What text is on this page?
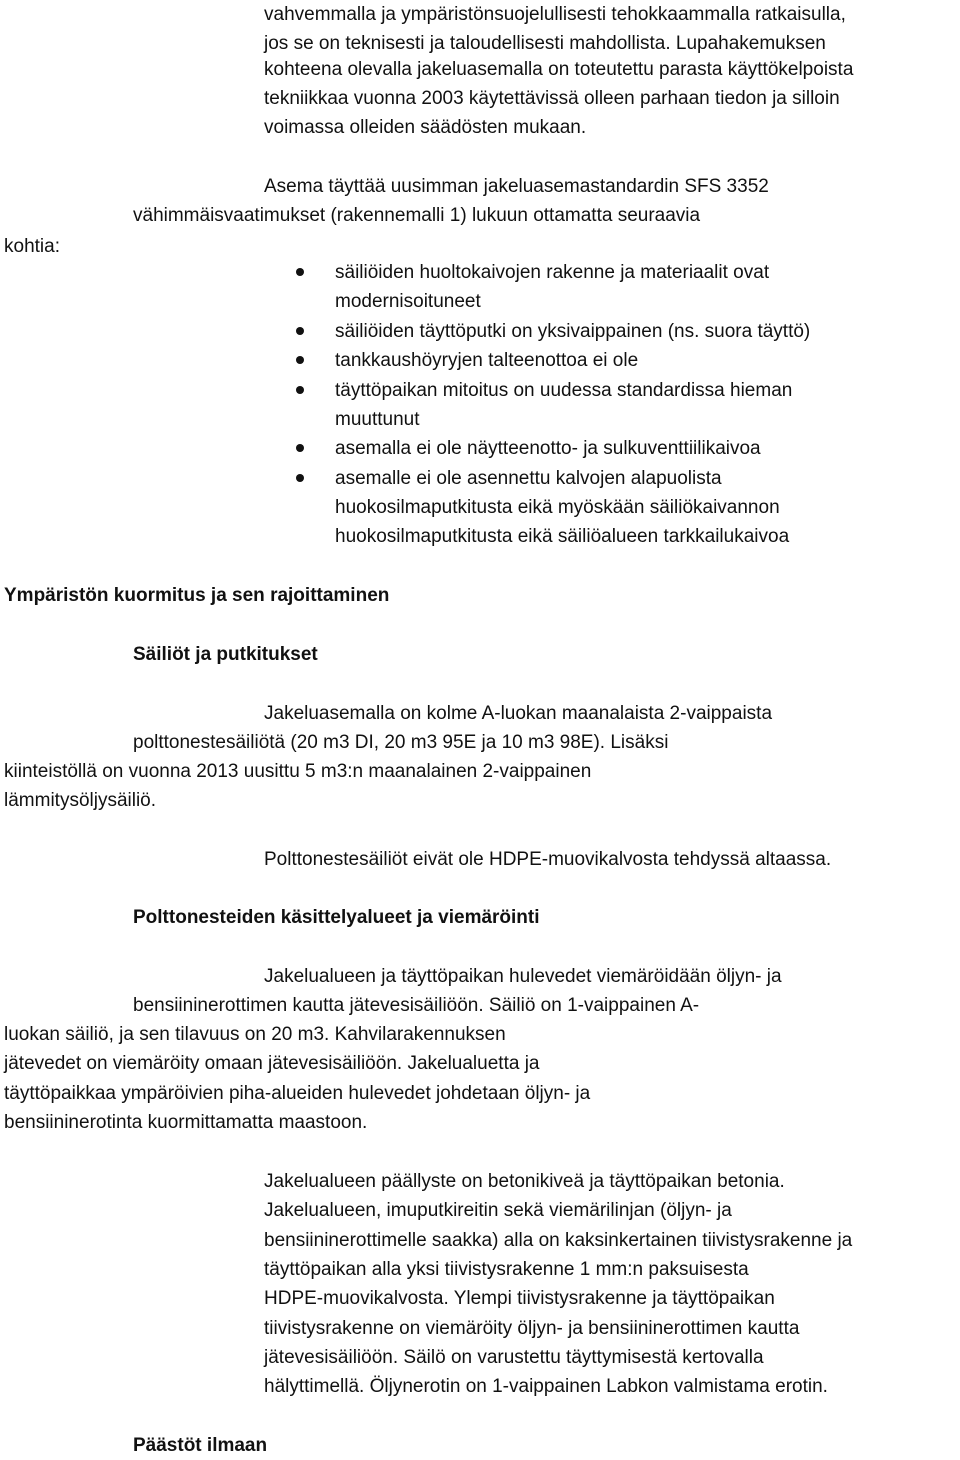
vahvemmalla ja ympäristönsuojelullisesti tehokkaammalla ratkaisulla,
jos se on teknisesti ja taloudellisesti mahdollista. Lupahakemuksen
kohteena olevalla jakeluasemalla on toteutettu parasta käyttökelpoista
tekniikkaa vuonna 2003 käytettävissä olleen parhaan tiedon ja silloin
voimassa olleiden säädösten mukaan.
Asema täyttää uusimman jakeluasemastandardin SFS 3352
vähimmäisvaatimukset (rakennemalli 1) lukuun ottamatta seuraavia
kohtia:
säiliöiden huoltokaivojen rakenne ja materiaalit ovat
modernisoituneet
säiliöiden täyttöputki on yksivaippainen (ns. suora täyttö)
tankkaushöyryjen talteenottoa ei ole
täyttöpaikan mitoitus on uudessa standardissa hieman
muuttunut
asemalla ei ole näytteenotto- ja sulkuventtiilikaivoa
asemalle ei ole asennettu kalvojen alapuolista
huokosilmaputkitusta eikä myöskään säiliökaivannon
huokosilmaputkitusta eikä säiliöalueen tarkkailukaivoa
Ympäristön kuormitus ja sen rajoittaminen
Säiliöt ja putkitukset
Jakeluasemalla on kolme A-luokan maanalaista 2-vaippaista
polttonestesäiliötä (20 m3 DI, 20 m3 95E ja 10 m3 98E). Lisäksi
kiinteistöllä on vuonna 2013 uusittu 5 m3:n maanalainen 2-vaippainen
lämmitysöljysäiliö.
Polttonestesäiliöt eivät ole HDPE-muovikalvosta tehdyssä altaassa.
Polttonesteiden käsittelyalueet ja viemäröinti
Jakelualueen ja täyttöpaikan hulevedet viemäröidään öljyn- ja
bensiininerottimen kautta jätevesisäiliöön. Säiliö on 1-vaippainen A-
luokan säiliö, ja sen tilavuus on 20 m3. Kahvilarakennuksen
jätevedet on viemäröity omaan jätevesisäiliöön. Jakelualuetta ja
täyttöpaikkaa ympäröivien piha-alueiden hulevedet johdetaan öljyn- ja
bensiininerotinta kuormittamatta maastoon.
Jakelualueen päällyste on betonikiveä ja täyttöpaikan betonia.
Jakelualueen, imuputkireitin sekä viemärilinjan (öljyn- ja
bensiininerottimelle saakka) alla on kaksinkertainen tiivistysrakenne ja
täyttöpaikan alla yksi tiivistysrakenne 1 mm:n paksuisesta
HDPE-muovikalvosta. Ylempi tiivistysrakenne ja täyttöpaikan
tiivistysrakenne on viemäröity öljyn- ja bensiininerottimen kautta
jätevesisäiliöön. Säilö on varustettu täyttymisestä kertovalla
hälyttimellä. Öljynerotin on 1-vaippainen Labkon valmistama erotin.
Päästöt ilmaan
